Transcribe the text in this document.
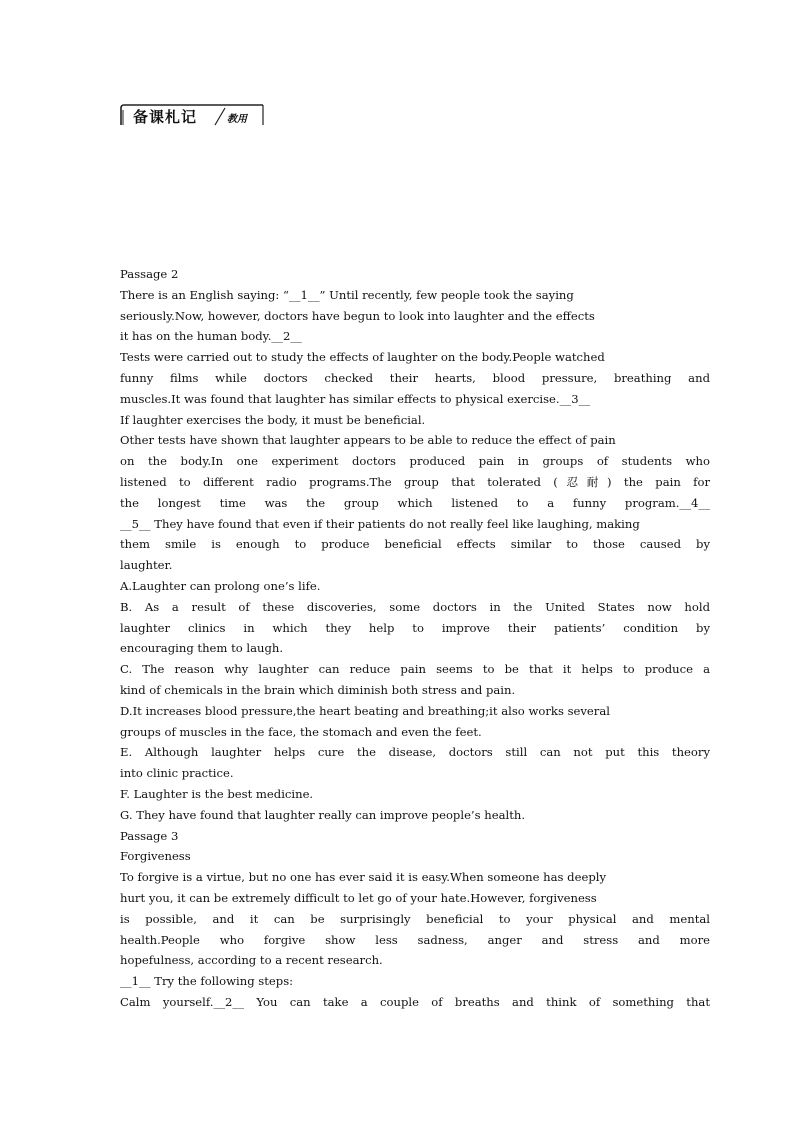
备课札记	教用
Passage 2
There is an English saying: “__1__” Until recently, few people took the saying
seriously.Now, however, doctors have begun to look into laughter and the effects
it has on the human body.__2__
Tests were carried out to study the effects of laughter on the body.People watched
funny films while doctors checked their hearts, blood pressure, breathing and
muscles.It was found that laughter has similar effects to physical exercise.__3__
If laughter exercises the body, it must be beneficial.
Other tests have shown that laughter appears to be able to reduce the effect of pain
on the body.In one experiment doctors produced pain in groups of students who
listened to different radio programs.The group that tolerated (忍耐) the pain for
the longest time was the group which listened to a funny program.__4__
__5__ They have found that even if their patients do not really feel like laughing, making
them smile is enough to produce beneficial effects similar to those caused by
laughter.
A.Laughter can prolong one’s life.
B. As a result of these discoveries, some doctors in the United States now hold
laughter clinics in which they help to improve their patients’ condition by
encouraging them to laugh.
C. The reason why laughter can reduce pain seems to be that it helps to produce a
kind of chemicals in the brain which diminish both stress and pain.
D.It increases blood pressure,the heart beating and breathing;it also works several
groups of muscles in the face, the stomach and even the feet.
E. Although laughter helps cure the disease, doctors still can not put this theory
into clinic practice.
F. Laughter is the best medicine.
G. They have found that laughter really can improve people’s health.
Passage 3
Forgiveness
To forgive is a virtue, but no one has ever said it is easy.When someone has deeply
hurt you, it can be extremely difficult to let go of your hate.However, forgiveness
is possible, and it can be surprisingly beneficial to your physical and mental
health.People who forgive show less sadness, anger and stress and more
hopefulness, according to a recent research.
__1__ Try the following steps:
Calm yourself.__2__ You can take a couple of breaths and think of something that
